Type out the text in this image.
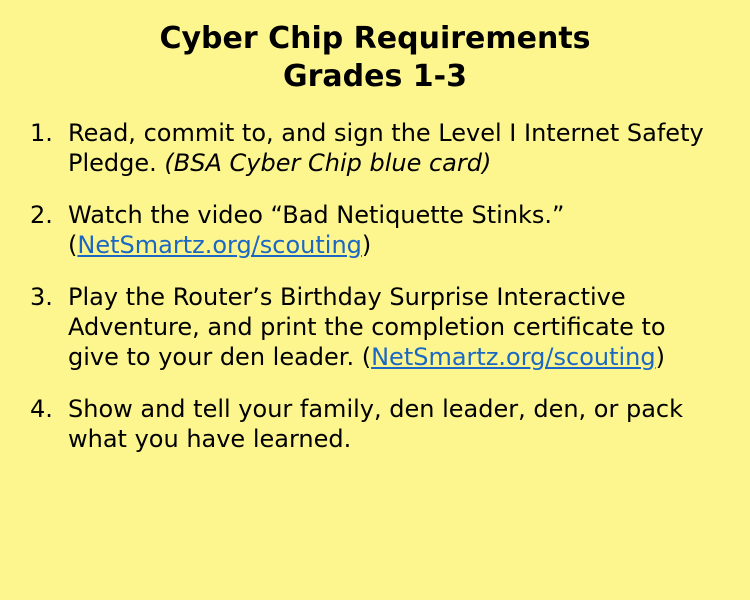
Cyber Chip Requirements
Grades 1-3
1. Read, commit to, and sign the Level I Internet Safety Pledge. (BSA Cyber Chip blue card)
2. Watch the video “Bad Netiquette Stinks.” (NetSmartz.org/scouting)
3. Play the Router’s Birthday Surprise Interactive Adventure, and print the completion certificate to give to your den leader. (NetSmartz.org/scouting)
4. Show and tell your family, den leader, den, or pack what you have learned.
